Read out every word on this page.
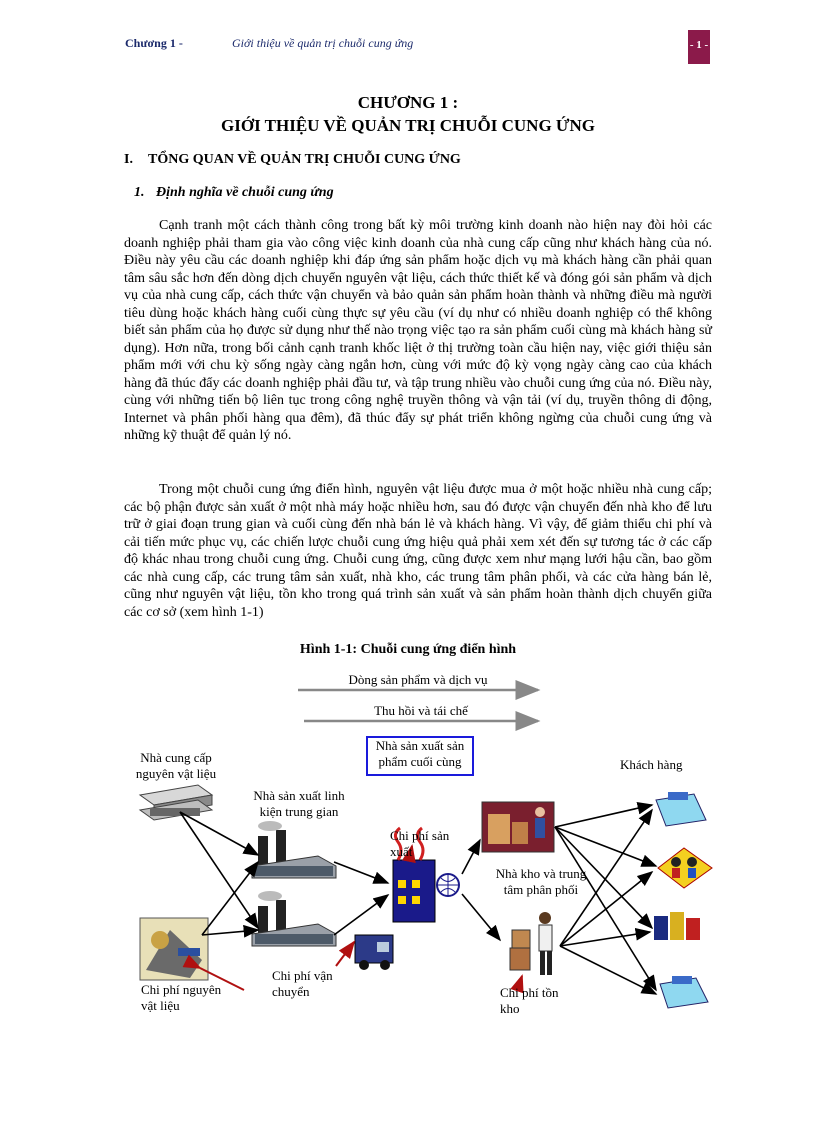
Chương 1 -	Giới thiệu về quản trị chuỗi cung ứng	- 1 -
CHƯƠNG 1 :
GIỚI THIỆU VỀ QUẢN TRỊ CHUỖI CUNG ỨNG
I. TỔNG QUAN VỀ QUẢN TRỊ CHUỖI CUNG ỨNG
1. Định nghĩa về chuỗi cung ứng

Cạnh tranh một cách thành công trong bất kỳ môi trường kinh doanh nào hiện nay đòi hỏi các doanh nghiệp phải tham gia vào công việc kinh doanh của nhà cung cấp cũng như khách hàng của nó. Điều này yêu cầu các doanh nghiệp khi đáp ứng sản phẩm hoặc dịch vụ mà khách hàng cần phải quan tâm sâu sắc hơn đến dòng dịch chuyển nguyên vật liệu, cách thức thiết kế và đóng gói sản phẩm và dịch vụ của nhà cung cấp, cách thức vận chuyển và bảo quản sản phẩm hoàn thành và những điều mà người tiêu dùng hoặc khách hàng cuối cùng thực sự yêu cầu (ví dụ như có nhiều doanh nghiệp có thể không biết sản phẩm của họ được sử dụng như thế nào trọng việc tạo ra sản phẩm cuối cùng mà khách hàng sử dụng). Hơn nữa, trong bối cảnh cạnh tranh khốc liệt ở thị trường toàn cầu hiện nay, việc giới thiệu sản phẩm mới với chu kỳ sống ngày càng ngắn hơn, cùng với mức độ kỳ vọng ngày càng cao của khách hàng đã thúc đẩy các doanh nghiệp phải đầu tư, và tập trung nhiều vào chuỗi cung ứng của nó. Điều này, cùng với những tiến bộ liên tục trong công nghệ truyền thông và vận tải (ví dụ, truyền thông di động, Internet và phân phối hàng qua đêm), đã thúc đẩy sự phát triển không ngừng của chuỗi cung ứng và những kỹ thuật để quản lý nó.

Trong một chuỗi cung ứng điển hình, nguyên vật liệu được mua ở một hoặc nhiều nhà cung cấp; các bộ phận được sản xuất ở một nhà máy hoặc nhiều hơn, sau đó được vận chuyển đến nhà kho để lưu trữ ở giai đoạn trung gian và cuối cùng đến nhà bán lẻ và khách hàng. Vì vậy, để giảm thiểu chi phí và cải tiến mức phục vụ, các chiến lược chuỗi cung ứng hiệu quả phải xem xét đến sự tương tác ở các cấp độ khác nhau trong chuỗi cung ứng. Chuỗi cung ứng, cũng được xem như mạng lưới hậu cần, bao gồm các nhà cung cấp, các trung tâm sản xuất, nhà kho, các trung tâm phân phối, và các cửa hàng bán lẻ, cũng như nguyên vật liệu, tồn kho trong quá trình sản xuất và sản phẩm hoàn thành dịch chuyển giữa các cơ sở (xem hình 1-1)

Hình 1-1: Chuỗi cung ứng điển hình
Dòng sản phẩm và dịch vụ
Thu hồi và tái chế
Nhà sản xuất sản phẩm cuối cùng
Nhà cung cấp nguyên vật liệu
Nhà sản xuất linh kiện trung gian
Chi phí sản xuất
Nhà kho và trung tâm phân phối
Khách hàng
Chi phí nguyên vật liệu
Chi phí vận chuyển	Chi phí tồn kho
